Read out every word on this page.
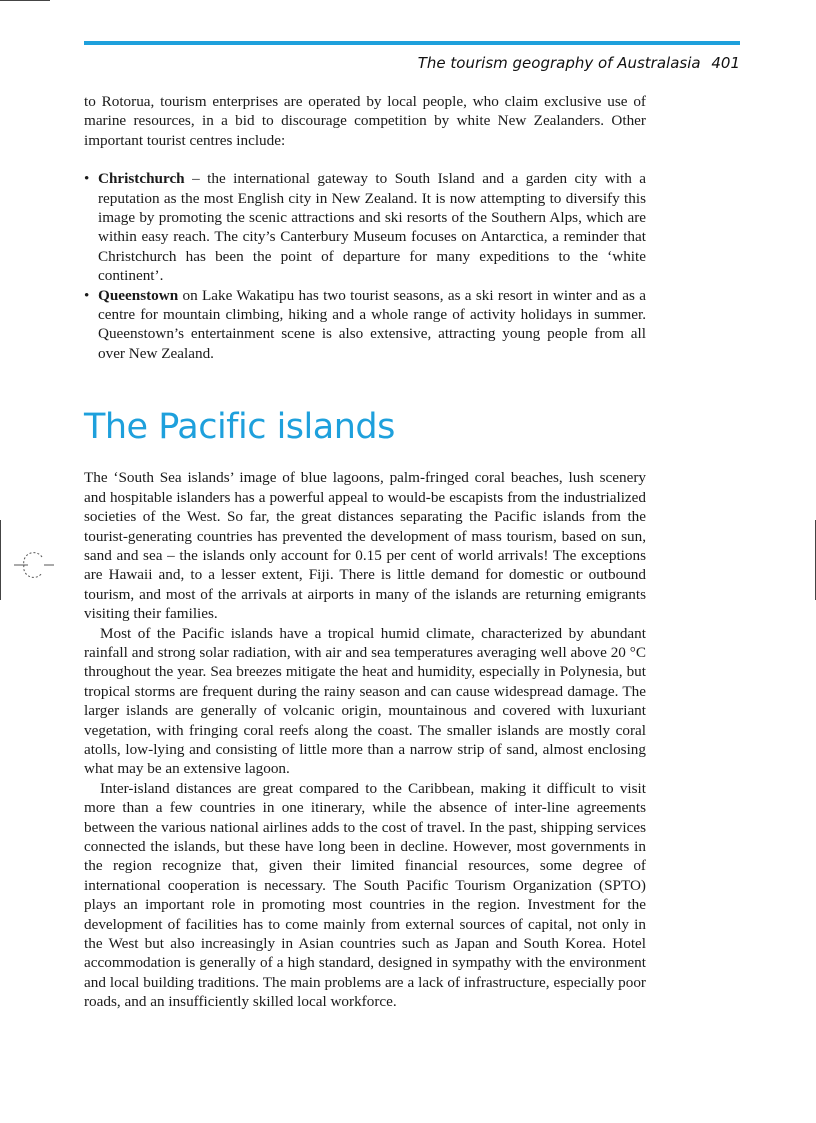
The tourism geography of Australasia 401

to Rotorua, tourism enterprises are operated by local people, who claim exclusive use of marine resources, in a bid to discourage competition by white New Zealanders. Other important tourist centres include:

• Christchurch – the international gateway to South Island and a garden city with a reputation as the most English city in New Zealand. It is now attempting to diversify this image by promoting the scenic attractions and ski resorts of the Southern Alps, which are within easy reach. The city’s Canterbury Museum focuses on Antarctica, a reminder that Christchurch has been the point of departure for many expeditions to the ‘white continent’.
• Queenstown on Lake Wakatipu has two tourist seasons, as a ski resort in winter and as a centre for mountain climbing, hiking and a whole range of activity holidays in summer. Queenstown’s entertainment scene is also extensive, attracting young people from all over New Zealand.
The Pacific islands

The ‘South Sea islands’ image of blue lagoons, palm-fringed coral beaches, lush scenery and hospitable islanders has a powerful appeal to would-be escapists from the industrialized societies of the West. So far, the great distances separating the Pacific islands from the tourist-generating countries has prevented the development of mass tourism, based on sun, sand and sea – the islands only account for 0.15 per cent of world arrivals! The exceptions are Hawaii and, to a lesser extent, Fiji. There is little demand for domestic or outbound tourism, and most of the arrivals at airports in many of the islands are returning emigrants visiting their families.

Most of the Pacific islands have a tropical humid climate, characterized by abundant rainfall and strong solar radiation, with air and sea temperatures averaging well above 20 °C throughout the year. Sea breezes mitigate the heat and humidity, especially in Polynesia, but tropical storms are frequent during the rainy season and can cause widespread damage. The larger islands are generally of volcanic origin, mountainous and covered with luxuriant vegetation, with fringing coral reefs along the coast. The smaller islands are mostly coral atolls, low-lying and consisting of little more than a narrow strip of sand, almost enclosing what may be an extensive lagoon.

Inter-island distances are great compared to the Caribbean, making it difficult to visit more than a few countries in one itinerary, while the absence of inter-line agreements between the various national airlines adds to the cost of travel. In the past, shipping services connected the islands, but these have long been in decline. However, most governments in the region recognize that, given their limited financial resources, some degree of international cooperation is necessary. The South Pacific Tourism Organization (SPTO) plays an important role in promoting most countries in the region. Investment for the development of facilities has to come mainly from external sources of capital, not only in the West but also increasingly in Asian countries such as Japan and South Korea. Hotel accommodation is generally of a high standard, designed in sympathy with the environment and local building traditions. The main problems are a lack of infrastructure, especially poor roads, and an insufficiently skilled local workforce.
